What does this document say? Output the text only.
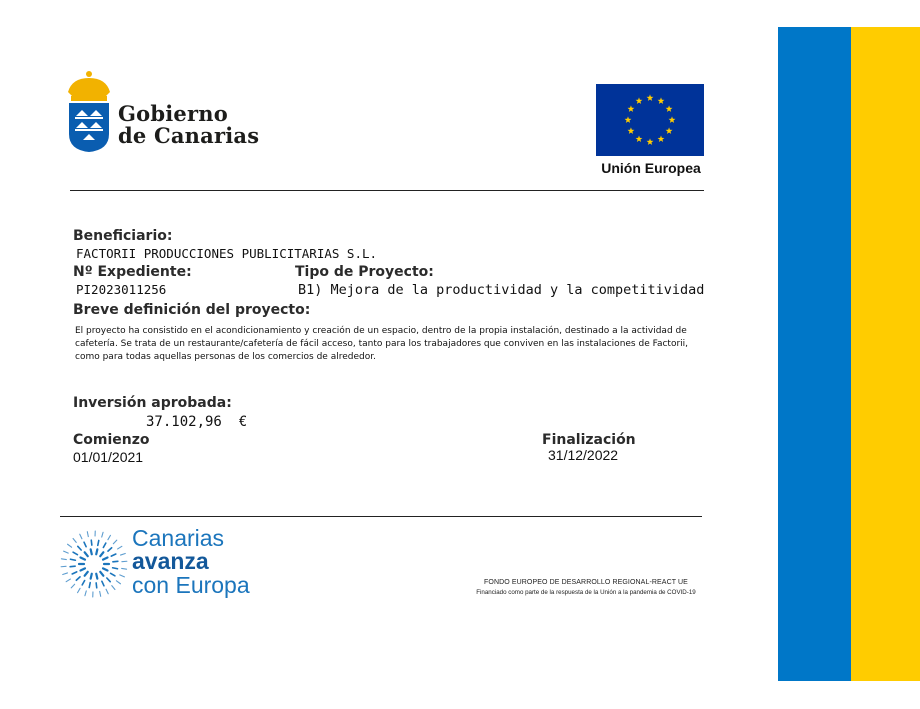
Gobierno
de Canarias
Unión Europea
Beneficiario:
FACTORII PRODUCCIONES PUBLICITARIAS S.L.
Nº Expediente:
PI2023011256
Tipo de Proyecto:
B1) Mejora de la productividad y la competitividad
Breve definición del proyecto:
El proyecto ha consistido en el acondicionamiento y creación de un espacio, dentro de la propia instalación, destinado a la actividad de cafetería. Se trata de un restaurante/cafetería de fácil acceso, tanto para los trabajadores que conviven en las instalaciones de Factorii, como para todas aquellas personas de los comercios de alrededor.
Inversión aprobada:
37.102,96  €
Comienzo
01/01/2021
Finalización
31/12/2022
Canarias
avanza
con Europa	FONDO EUROPEO DE DESARROLLO REGIONAL-REACT UE
Financiado como parte de la respuesta de la Unión a la pandemia de COVID-19
